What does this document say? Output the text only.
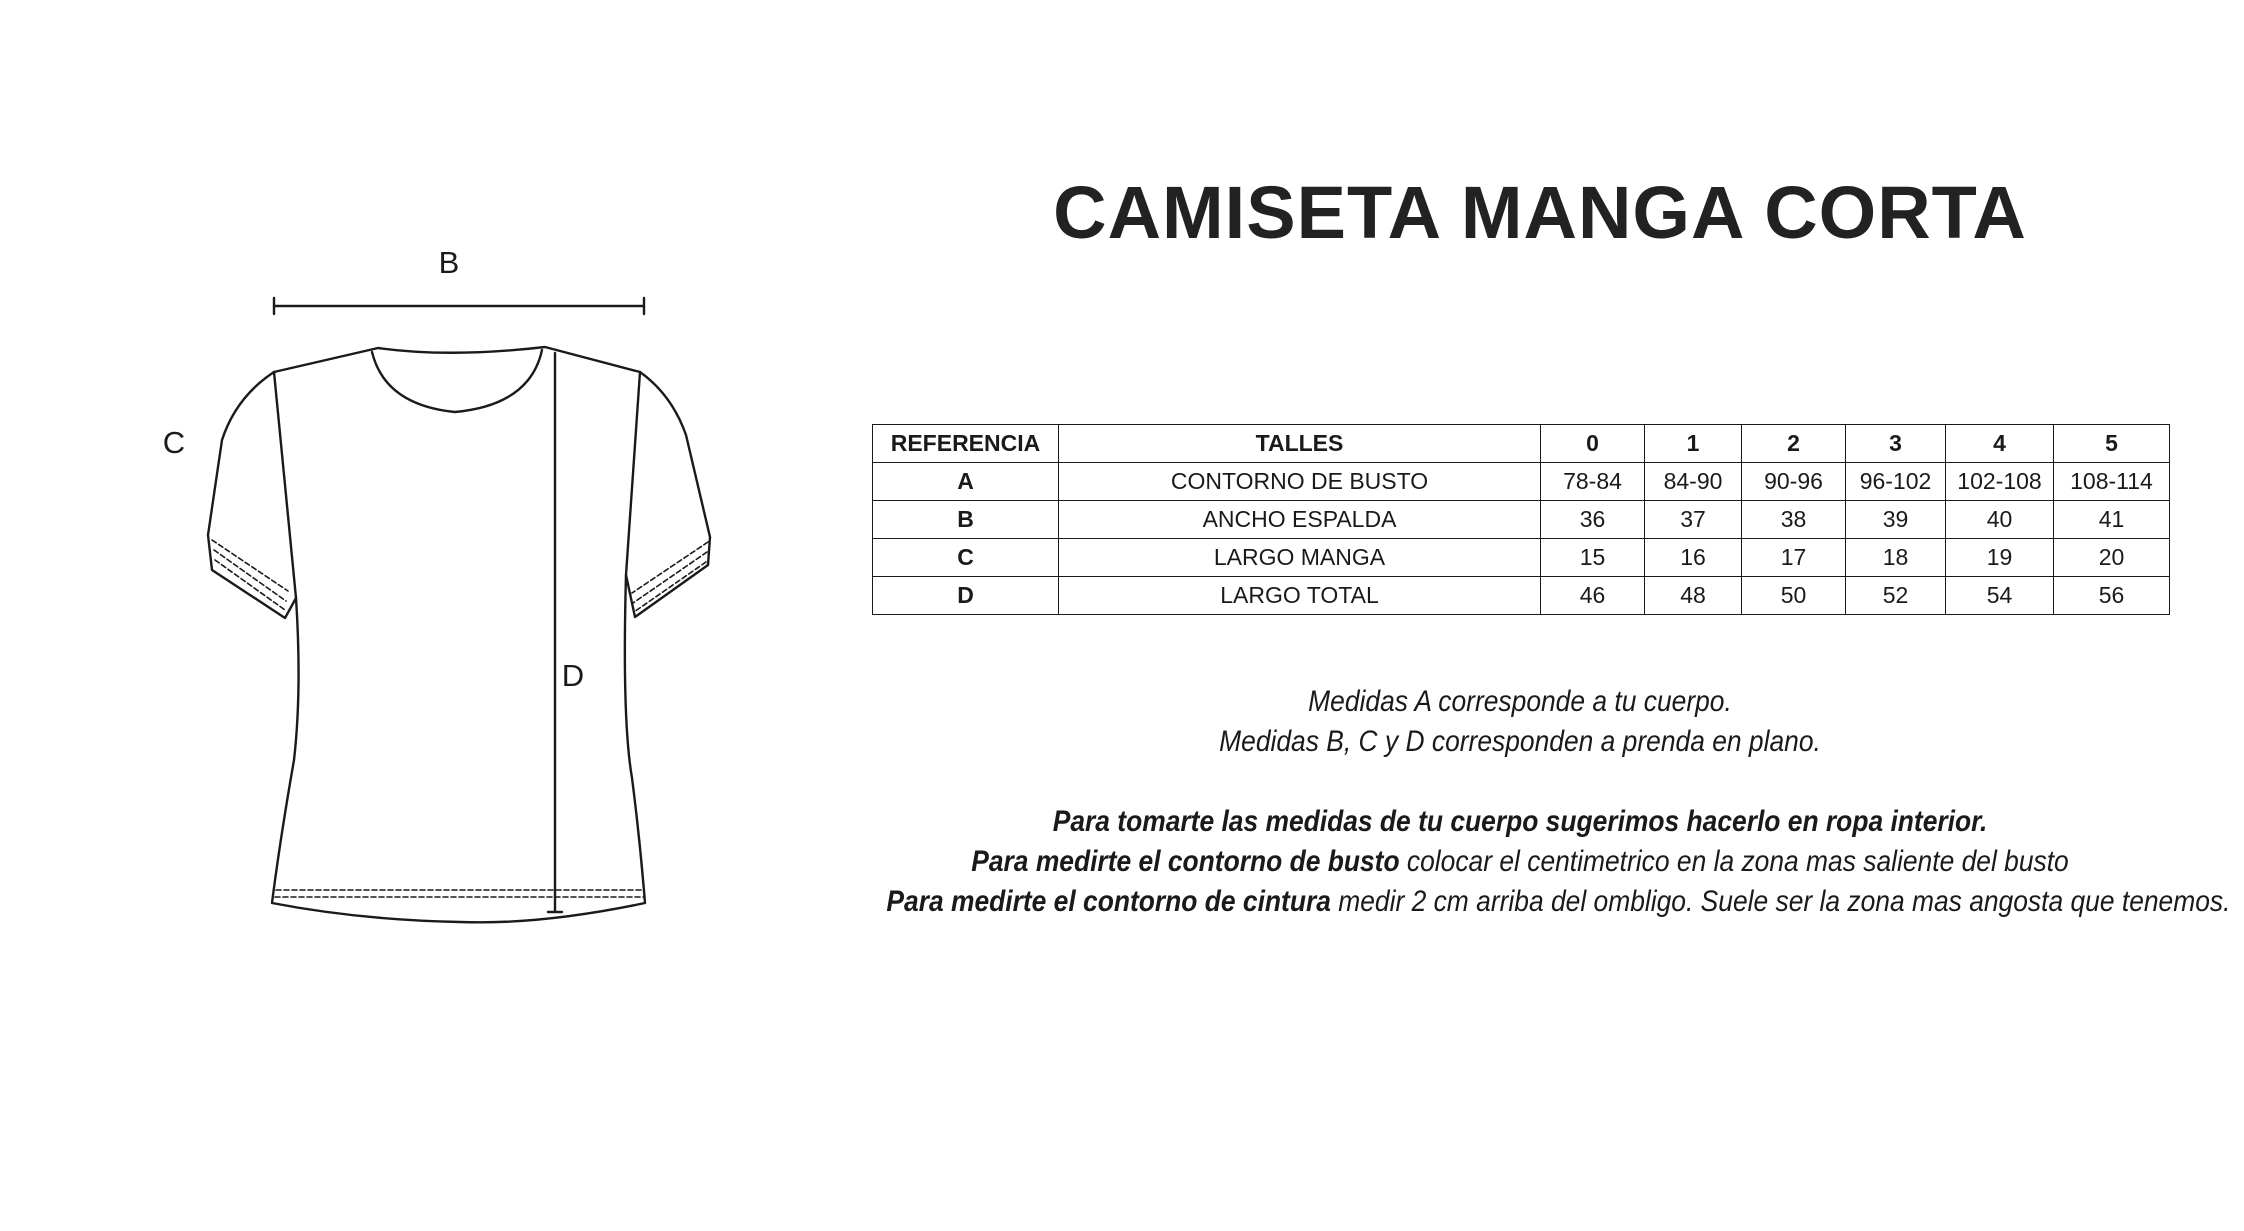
B
C
D
CAMISETA MANGA CORTA
REFERENCIA	TALLES	0	1	2	3	4	5
A	CONTORNO DE BUSTO	78-84	84-90	90-96	96-102	102-108	108-114
B	ANCHO ESPALDA	36	37	38	39	40	41
C	LARGO MANGA	15	16	17	18	19	20
D	LARGO TOTAL	46	48	50	52	54	56

Medidas A corresponde a tu cuerpo.

Medidas B, C y D corresponden a prenda en plano.

Para tomarte las medidas de tu cuerpo sugerimos hacerlo en ropa interior.

Para medirte el contorno de busto colocar el centimetrico en la zona mas saliente del busto

Para medirte el contorno de cintura medir 2 cm arriba del ombligo. Suele ser la zona mas angosta que tenemos.
